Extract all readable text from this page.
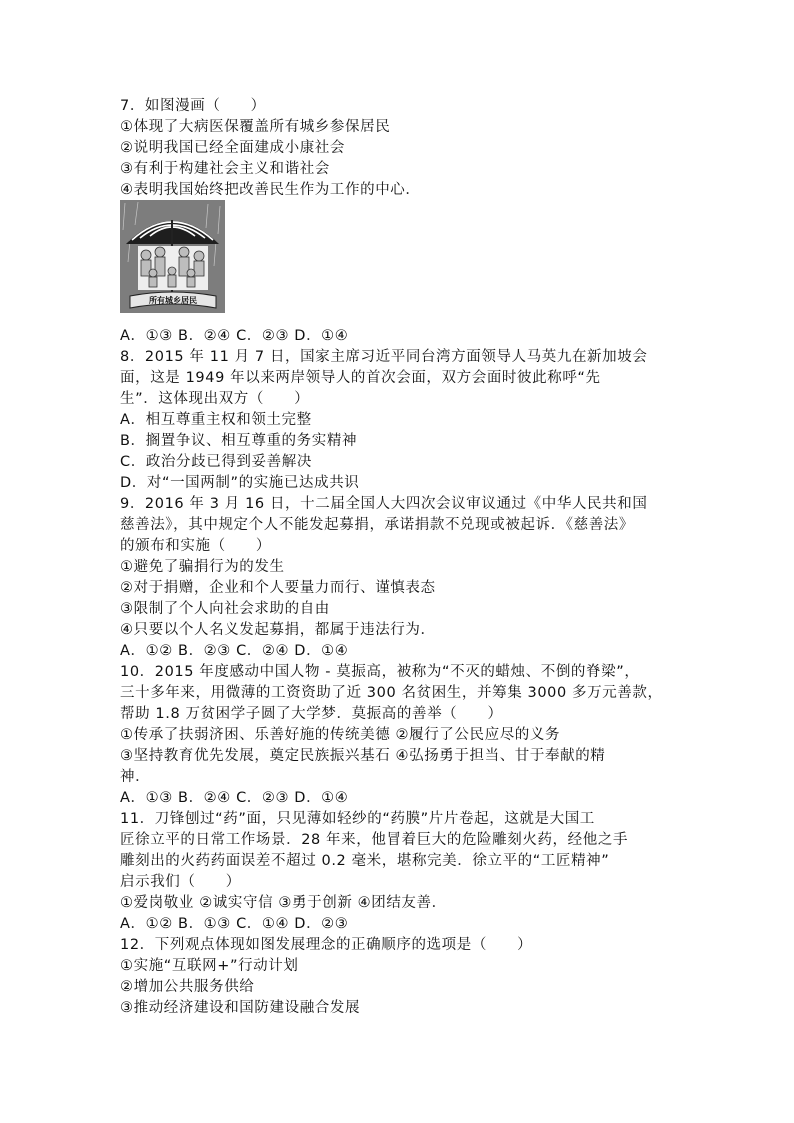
7．如图漫画（　　）
①体现了大病医保覆盖所有城乡参保居民
②说明我国已经全面建成小康社会
③有利于构建社会主义和谐社会
④表明我国始终把改善民生作为工作的中心．
所有城乡居民
A．①③ B．②④ C．②③ D．①④
8．2015 年 11 月 7 日，国家主席习近平同台湾方面领导人马英九在新加坡会
面，这是 1949 年以来两岸领导人的首次会面，双方会面时彼此称呼“先
生”．这体现出双方（　　）
A．相互尊重主权和领土完整
B．搁置争议、相互尊重的务实精神
C．政治分歧已得到妥善解决
D．对“一国两制”的实施已达成共识
9．2016 年 3 月 16 日，十二届全国人大四次会议审议通过《中华人民共和国
慈善法》，其中规定个人不能发起募捐，承诺捐款不兑现或被起诉．《慈善法》
的颁布和实施（　　）
①避免了骗捐行为的发生
②对于捐赠，企业和个人要量力而行、谨慎表态
③限制了个人向社会求助的自由
④只要以个人名义发起募捐，都属于违法行为．
A．①② B．②③ C．②④ D．①④
10．2015 年度感动中国人物 - 莫振高，被称为“不灭的蜡烛、不倒的脊梁”，
三十多年来，用微薄的工资资助了近 300 名贫困生，并筹集 3000 多万元善款，
帮助 1.8 万贫困学子圆了大学梦．莫振高的善举（　　）
①传承了扶弱济困、乐善好施的传统美德 ②履行了公民应尽的义务
③坚持教育优先发展，奠定民族振兴基石 ④弘扬勇于担当、甘于奉献的精
神．
A．①③ B．②④ C．②③ D．①④
11．刀锋刨过“药”面，只见薄如轻纱的“药膜”片片卷起，这就是大国工
匠徐立平的日常工作场景．28 年来，他冒着巨大的危险雕刻火药，经他之手
雕刻出的火药药面误差不超过 0.2 毫米，堪称完美．徐立平的“工匠精神”
启示我们（　　）
①爱岗敬业 ②诚实守信 ③勇于创新 ④团结友善．
A．①② B．①③ C．①④ D．②③
12．下列观点体现如图发展理念的正确顺序的选项是（　　）
①实施“互联网+”行动计划
②增加公共服务供给
③推动经济建设和国防建设融合发展
